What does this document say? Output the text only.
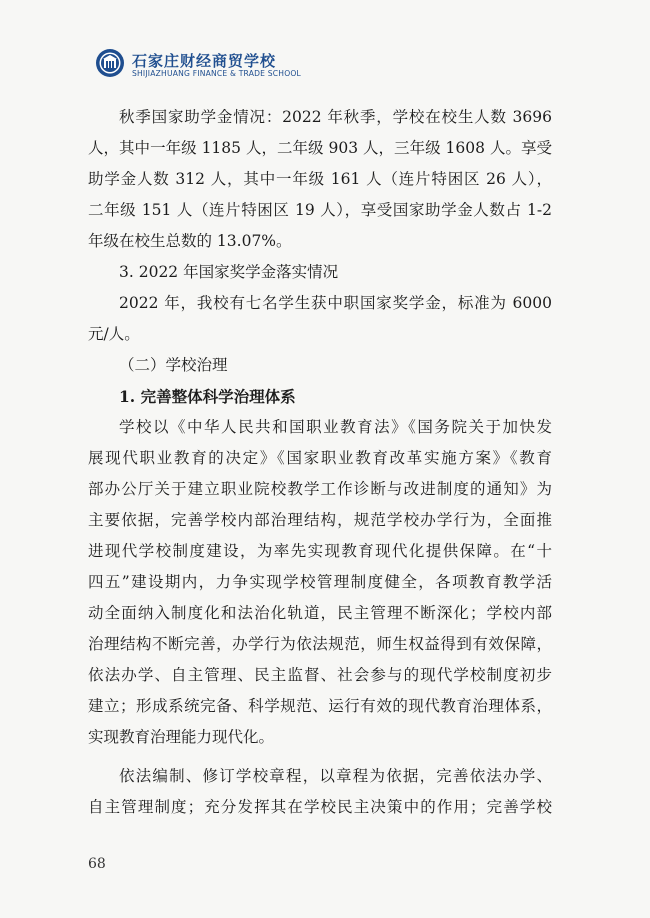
石家庄财经商贸学校
SHIJIAZHUANG FINANCE & TRADE SCHOOL

秋季国家助学金情况：2022 年秋季，学校在校生人数 3696
人，其中一年级 1185 人，二年级 903 人，三年级 1608 人。享受
助学金人数 312 人，其中一年级 161 人（连片特困区 26 人），
二年级 151 人（连片特困区 19 人），享受国家助学金人数占 1-2
年级在校生总数的 13.07%。

3. 2022 年国家奖学金落实情况

2022 年，我校有七名学生获中职国家奖学金，标准为 6000
元/人。

（二）学校治理

1. 完善整体科学治理体系

学校以《中华人民共和国职业教育法》《国务院关于加快发
展现代职业教育的决定》《国家职业教育改革实施方案》《教育
部办公厅关于建立职业院校教学工作诊断与改进制度的通知》为
主要依据，完善学校内部治理结构，规范学校办学行为，全面推
进现代学校制度建设，为率先实现教育现代化提供保障。在“十
四五”建设期内，力争实现学校管理制度健全，各项教育教学活
动全面纳入制度化和法治化轨道，民主管理不断深化；学校内部
治理结构不断完善，办学行为依法规范，师生权益得到有效保障，
依法办学、自主管理、民主监督、社会参与的现代学校制度初步
建立；形成系统完备、科学规范、运行有效的现代教育治理体系，
实现教育治理能力现代化。

依法编制、修订学校章程，以章程为依据，完善依法办学、
自主管理制度；充分发挥其在学校民主决策中的作用；完善学校

68
